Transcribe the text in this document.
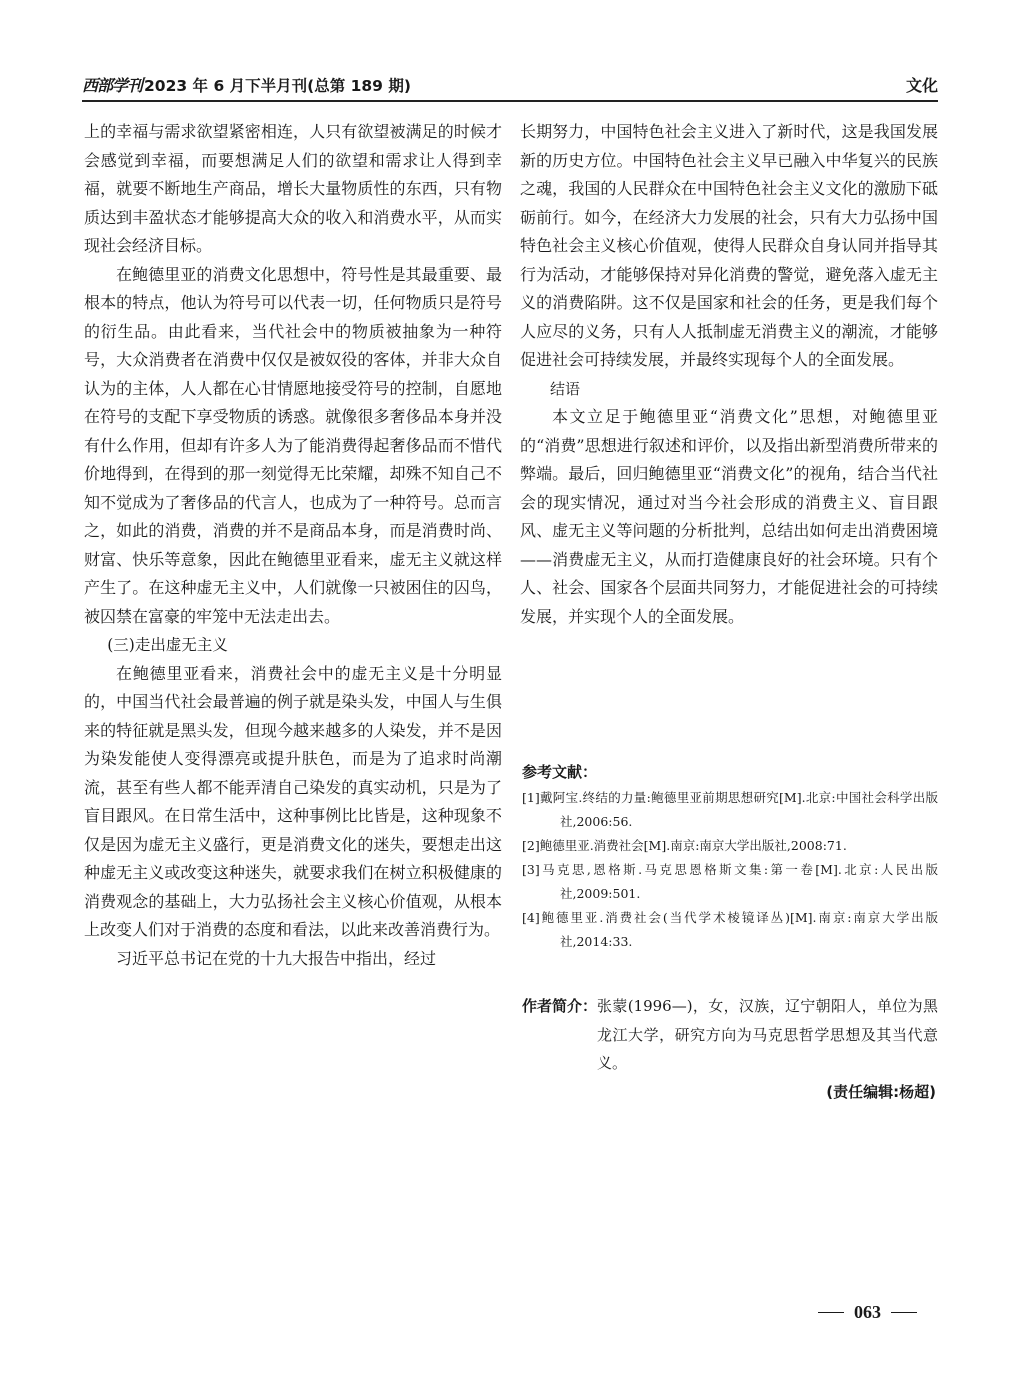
西部学刊 2023 年 6 月下半月刊(总第 189 期)	文化

上的幸福与需求欲望紧密相连，人只有欲望被满足的时候才会感觉到幸福，而要想满足人们的欲望和需求让人得到幸福，就要不断地生产商品，增长大量物质性的东西，只有物质达到丰盈状态才能够提高大众的收入和消费水平，从而实现社会经济目标。

在鲍德里亚的消费文化思想中，符号性是其最重要、最根本的特点，他认为符号可以代表一切，任何物质只是符号的衍生品。由此看来，当代社会中的物质被抽象为一种符号，大众消费者在消费中仅仅是被奴役的客体，并非大众自认为的主体，人人都在心甘情愿地接受符号的控制，自愿地在符号的支配下享受物质的诱惑。就像很多奢侈品本身并没有什么作用，但却有许多人为了能消费得起奢侈品而不惜代价地得到，在得到的那一刻觉得无比荣耀，却殊不知自己不知不觉成为了奢侈品的代言人，也成为了一种符号。总而言之，如此的消费，消费的并不是商品本身，而是消费时尚、财富、快乐等意象，因此在鲍德里亚看来，虚无主义就这样产生了。在这种虚无主义中，人们就像一只被困住的囚鸟，被囚禁在富豪的牢笼中无法走出去。

(三)走出虚无主义

在鲍德里亚看来，消费社会中的虚无主义是十分明显的，中国当代社会最普遍的例子就是染头发，中国人与生俱来的特征就是黑头发，但现今越来越多的人染发，并不是因为染发能使人变得漂亮或提升肤色，而是为了追求时尚潮流，甚至有些人都不能弄清自己染发的真实动机，只是为了盲目跟风。在日常生活中，这种事例比比皆是，这种现象不仅是因为虚无主义盛行，更是消费文化的迷失，要想走出这种虚无主义或改变这种迷失，就要求我们在树立积极健康的消费观念的基础上，大力弘扬社会主义核心价值观，从根本上改变人们对于消费的态度和看法，以此来改善消费行为。

习近平总书记在党的十九大报告中指出，经过

长期努力，中国特色社会主义进入了新时代，这是我国发展新的历史方位。中国特色社会主义早已融入中华复兴的民族之魂，我国的人民群众在中国特色社会主义文化的激励下砥砺前行。如今，在经济大力发展的社会，只有大力弘扬中国特色社会主义核心价值观，使得人民群众自身认同并指导其行为活动，才能够保持对异化消费的警觉，避免落入虚无主义的消费陷阱。这不仅是国家和社会的任务，更是我们每个人应尽的义务，只有人人抵制虚无消费主义的潮流，才能够促进社会可持续发展，并最终实现每个人的全面发展。

结语

本文立足于鲍德里亚“消费文化”思想，对鲍德里亚的“消费”思想进行叙述和评价，以及指出新型消费所带来的弊端。最后，回归鲍德里亚“消费文化”的视角，结合当代社会的现实情况，通过对当今社会形成的消费主义、盲目跟风、虚无主义等问题的分析批判，总结出如何走出消费困境——消费虚无主义，从而打造健康良好的社会环境。只有个人、社会、国家各个层面共同努力，才能促进社会的可持续发展，并实现个人的全面发展。

参考文献：

[1]戴阿宝.终结的力量:鲍德里亚前期思想研究[M].北京:中国社会科学出版社,2006:56.

[2]鲍德里亚.消费社会[M].南京:南京大学出版社,2008:71.

[3]马克思,恩格斯.马克思恩格斯文集:第一卷[M].北京:人民出版社,2009:501.

[4]鲍德里亚.消费社会(当代学术棱镜译丛)[M].南京:南京大学出版社,2014:33.

作者简介： 张蒙(1996—)，女，汉族，辽宁朝阳人，单位为黑龙江大学，研究方向为马克思哲学思想及其当代意义。
(责任编辑:杨超)
063
